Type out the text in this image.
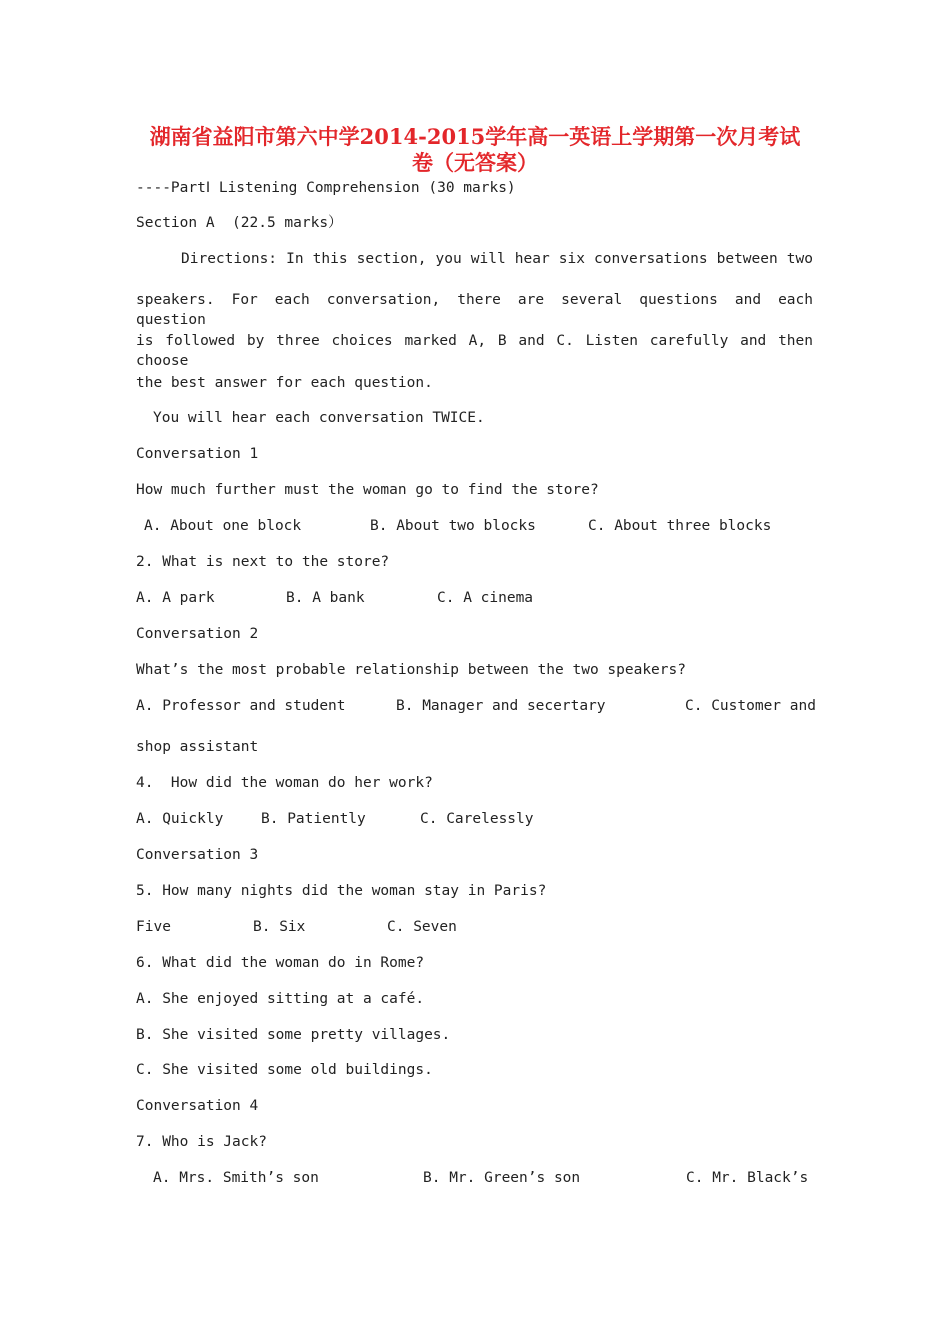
湖南省益阳市第六中学2014-2015学年高一英语上学期第一次月考试
卷（无答案）
----PartⅠ Listening Comprehension (30 marks)
Section A  (22.5 marks）
Directions: In this section, you will hear six conversations between two
speakers. For each conversation, there are several questions and each question
is followed by three choices marked A, B and C. Listen carefully and then choose
the best answer for each question.
You will hear each conversation TWICE.
Conversation 1
How much further must the woman go to find the store?
A. About one block	B. About two blocks	C. About three blocks
2. What is next to the store?
A. A park	B. A bank	C. A cinema
Conversation 2
What’s the most probable relationship between the two speakers?
A. Professor and student	B. Manager and secertary	C. Customer and
shop assistant
4.  How did the woman do her work?
A. Quickly	B. Patiently	C. Carelessly
Conversation 3
5. How many nights did the woman stay in Paris?
Five	B. Six	C. Seven
6. What did the woman do in Rome?
A. She enjoyed sitting at a café.
B. She visited some pretty villages.
C. She visited some old buildings.
Conversation 4
7. Who is Jack?
A. Mrs. Smith’s son	B. Mr. Green’s son	C. Mr. Black’s
